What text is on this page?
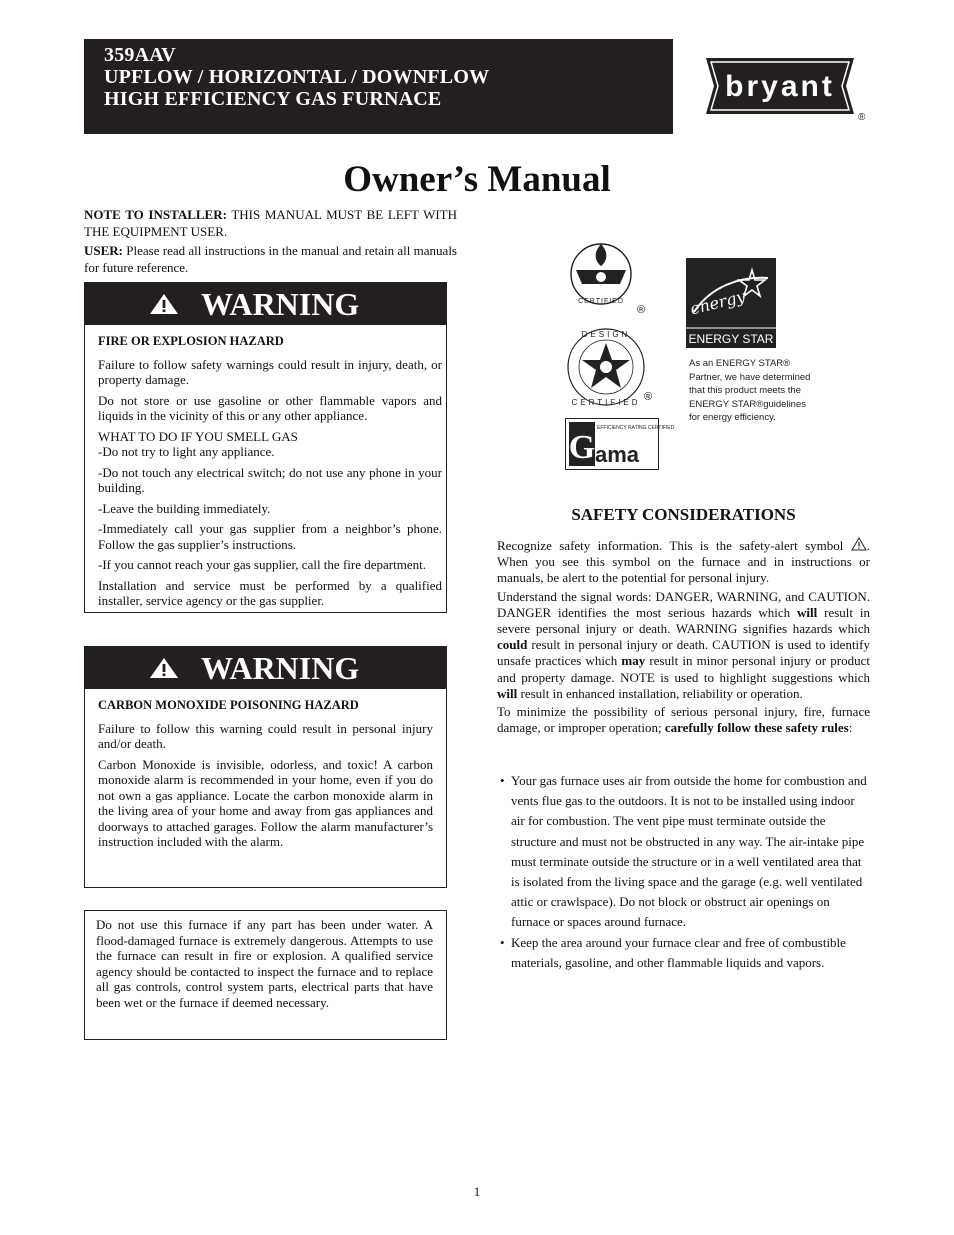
359AAV
UPFLOW / HORIZONTAL / DOWNFLOW
HIGH EFFICIENCY GAS FURNACE	bryant
®
Owner’s Manual

NOTE TO INSTALLER: THIS MANUAL MUST BE LEFT WITH THE EQUIPMENT USER.

USER: Please read all instructions in the manual and retain all manuals for future reference.

WARNING

FIRE OR EXPLOSION HAZARD

Failure to follow safety warnings could result in injury, death, or property damage.

Do not store or use gasoline or other flammable vapors and liquids in the vicinity of this or any other appliance.

WHAT TO DO IF YOU SMELL GAS

-Do not try to light any appliance.

-Do not touch any electrical switch; do not use any phone in your building.

-Leave the building immediately.

-Immediately call your gas supplier from a neighbor’s phone. Follow the gas supplier’s instructions.

-If you cannot reach your gas supplier, call the fire department.

Installation and service must be performed by a qualified installer, service agency or the gas supplier.

WARNING

CARBON MONOXIDE POISONING HAZARD

Failure to follow this warning could result in personal injury and/or death.

Carbon Monoxide is invisible, odorless, and toxic! A carbon monoxide alarm is recommended in your home, even if you do not own a gas appliance. Locate the carbon monoxide alarm in the living area of your home and away from gas appliances and doorways to attached garages. Follow the alarm manufacturer’s instruction included with the alarm.

Do not use this furnace if any part has been under water. A flood-damaged furnace is extremely dangerous. Attempts to use the furnace can result in fire or explosion. A qualified service agency should be contacted to inspect the furnace and to replace all gas controls, control system parts, electrical parts that have been wet or the furnace if deemed necessary.
CERTIFIED
®
DESIGN
CERTIFIED ®
G
EFFICIENCY RATING CERTIFIED
ama
energy
ENERGY STAR
As an ENERGY STAR® Partner, we have determined that this product meets the ENERGY STAR®guidelines for energy efficiency.
SAFETY CONSIDERATIONS

Recognize safety information. This is the safety-alert symbol . When you see this symbol on the furnace and in instructions or manuals, be alert to the potential for personal injury.

Understand the signal words: DANGER, WARNING, and CAUTION. DANGER identifies the most serious hazards which will result in severe personal injury or death. WARNING signifies hazards which could result in personal injury or death. CAUTION is used to identify unsafe practices which may result in minor personal injury or product and property damage. NOTE is used to highlight suggestions which will result in enhanced installation, reliability or operation.

To minimize the possibility of serious personal injury, fire, furnace damage, or improper operation; carefully follow these safety rules:

• Your gas furnace uses air from outside the home for combustion and vents flue gas to the outdoors. It is not to be installed using indoor air for combustion. The vent pipe must terminate outside the structure and must not be obstructed in any way. The air-intake pipe must terminate outside the structure or in a well ventilated area that is isolated from the living space and the garage (e.g. well ventilated attic or crawlspace). Do not block or obstruct air openings on furnace or spaces around furnace.
• Keep the area around your furnace clear and free of combustible materials, gasoline, and other flammable liquids and vapors.
1
